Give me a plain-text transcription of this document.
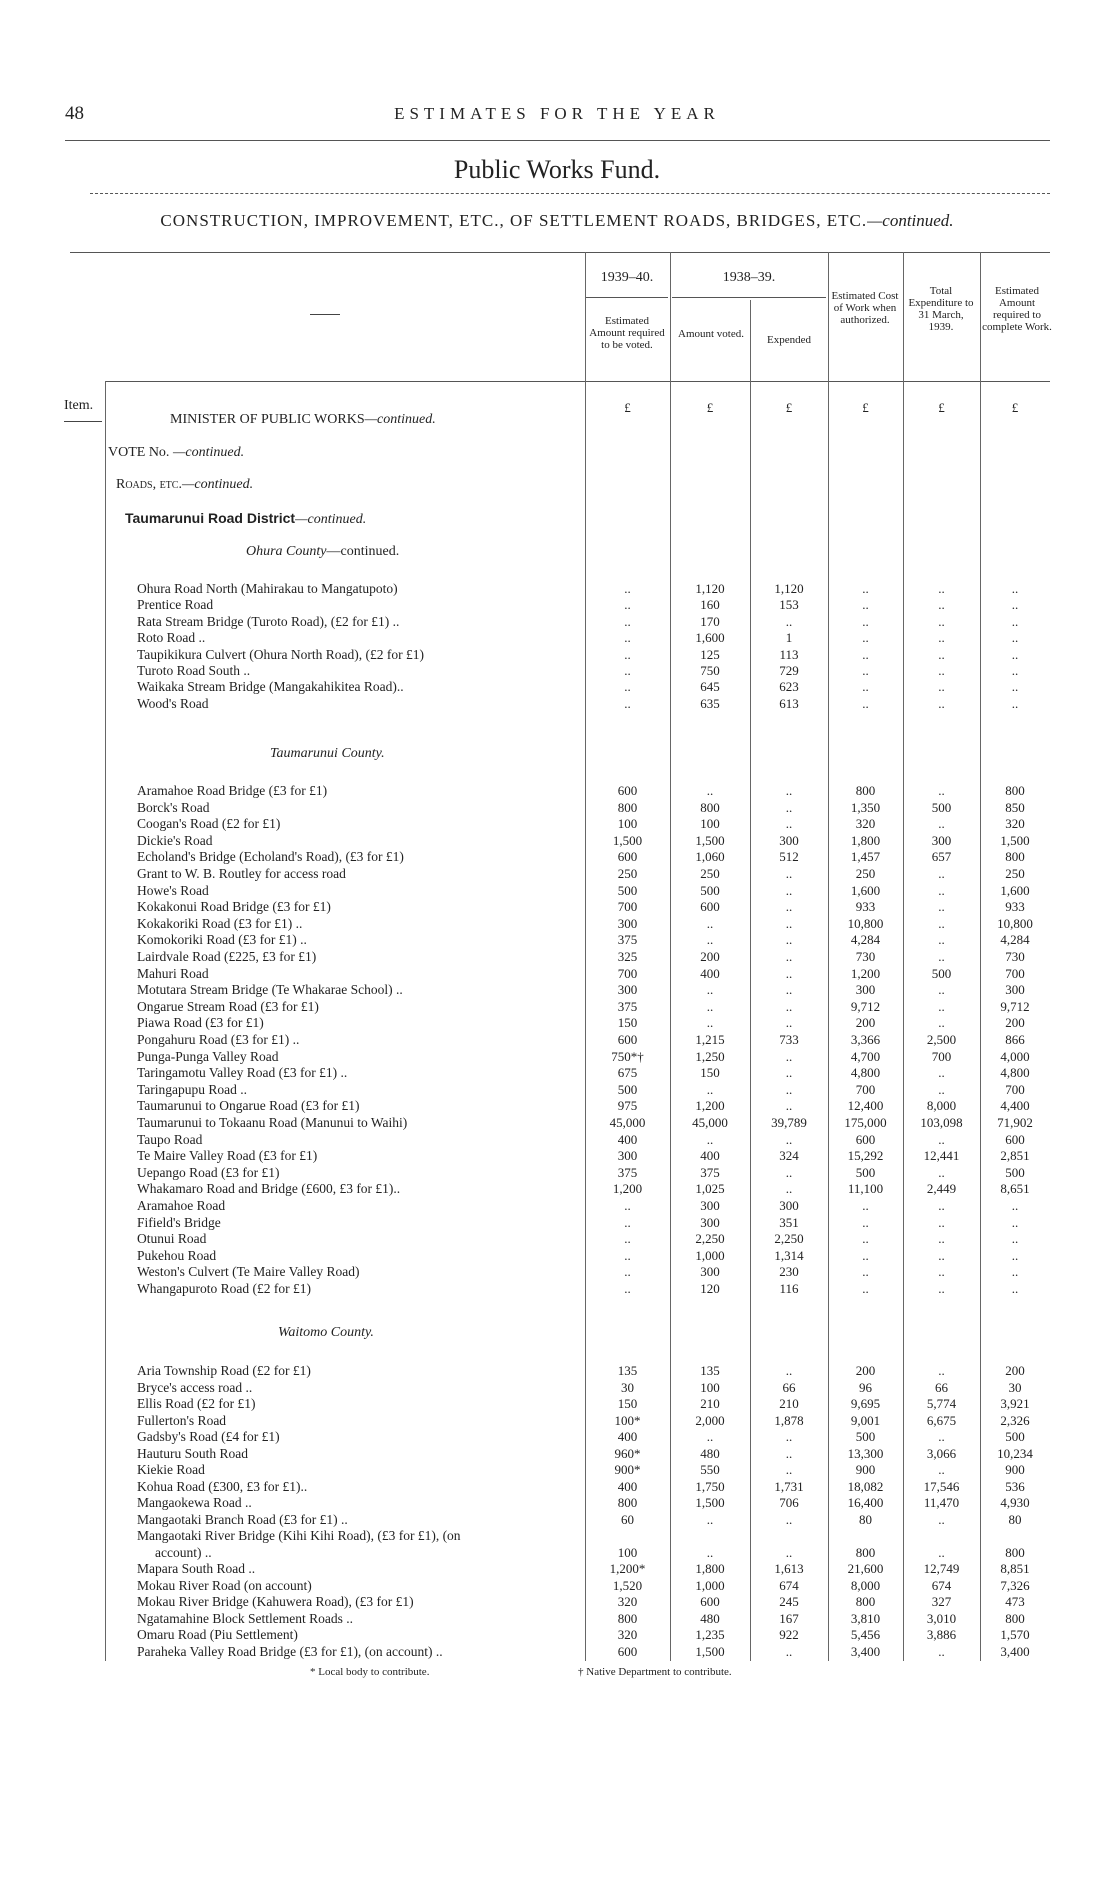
48	ESTIMATES FOR THE YEAR
Public Works Fund.
CONSTRUCTION, IMPROVEMENT, ETC., OF SETTLEMENT ROADS, BRIDGES, ETC.—continued.
1939–40.	1938–39.
Estimated Amount required to be voted.
Amount voted.	Expended
Estimated Cost of Work when authorized.
Total Expenditure to 31 March, 1939.
Estimated Amount required to complete Work.
Item.	£	£	£	£	£	£
MINISTER OF PUBLIC WORKS—continued.
VOTE No. —continued.
Roads, etc.—continued.
Taumarunui Road District—continued.
Ohura County—continued.
Taumarunui County.
Waitomo County.
Ohura Road North (Mahirakau to Mangatupoto)	..	1,120	1,120	..	..	..
Prentice Road	..	160	153	..	..	..
Rata Stream Bridge (Turoto Road), (£2 for £1) ..	..	170	..	..	..	..
Roto Road ..	..	1,600	1	..	..	..
Taupikikura Culvert (Ohura North Road), (£2 for £1)	..	125	113	..	..	..
Turoto Road South ..	..	750	729	..	..	..
Waikaka Stream Bridge (Mangakahikitea Road)..	..	645	623	..	..	..
Wood's Road	..	635	613	..	..	..
Aramahoe Road Bridge (£3 for £1)	600	..	..	800	..	800
Borck's Road	800	800	..	1,350	500	850
Coogan's Road (£2 for £1)	100	100	..	320	..	320
Dickie's Road	1,500	1,500	300	1,800	300	1,500
Echoland's Bridge (Echoland's Road), (£3 for £1)	600	1,060	512	1,457	657	800
Grant to W. B. Routley for access road	250	250	..	250	..	250
Howe's Road	500	500	..	1,600	..	1,600
Kokakonui Road Bridge (£3 for £1)	700	600	..	933	..	933
Kokakoriki Road (£3 for £1) ..	300	..	..	10,800	..	10,800
Komokoriki Road (£3 for £1) ..	375	..	..	4,284	..	4,284
Lairdvale Road (£225, £3 for £1)	325	200	..	730	..	730
Mahuri Road	700	400	..	1,200	500	700
Motutara Stream Bridge (Te Whakarae School) ..	300	..	..	300	..	300
Ongarue Stream Road (£3 for £1)	375	..	..	9,712	..	9,712
Piawa Road (£3 for £1)	150	..	..	200	..	200
Pongahuru Road (£3 for £1) ..	600	1,215	733	3,366	2,500	866
Punga-Punga Valley Road	750*†	1,250	..	4,700	700	4,000
Taringamotu Valley Road (£3 for £1) ..	675	150	..	4,800	..	4,800
Taringapupu Road ..	500	..	..	700	..	700
Taumarunui to Ongarue Road (£3 for £1)	975	1,200	..	12,400	8,000	4,400
Taumarunui to Tokaanu Road (Manunui to Waihi)	45,000	45,000	39,789	175,000	103,098	71,902
Taupo Road	400	..	..	600	..	600
Te Maire Valley Road (£3 for £1)	300	400	324	15,292	12,441	2,851
Uepango Road (£3 for £1)	375	375	..	500	..	500
Whakamaro Road and Bridge (£600, £3 for £1)..	1,200	1,025	..	11,100	2,449	8,651
Aramahoe Road	..	300	300	..	..	..
Fifield's Bridge	..	300	351	..	..	..
Otunui Road	..	2,250	2,250	..	..	..
Pukehou Road	..	1,000	1,314	..	..	..
Weston's Culvert (Te Maire Valley Road)	..	300	230	..	..	..
Whangapuroto Road (£2 for £1)	..	120	116	..	..	..
Aria Township Road (£2 for £1)	135	135	..	200	..	200
Bryce's access road ..	30	100	66	96	66	30
Ellis Road (£2 for £1)	150	210	210	9,695	5,774	3,921
Fullerton's Road	100*	2,000	1,878	9,001	6,675	2,326
Gadsby's Road (£4 for £1)	400	..	..	500	..	500
Hauturu South Road	960*	480	..	13,300	3,066	10,234
Kiekie Road	900*	550	..	900	..	900
Kohua Road (£300, £3 for £1)..	400	1,750	1,731	18,082	17,546	536
Mangaokewa Road ..	800	1,500	706	16,400	11,470	4,930
Mangaotaki Branch Road (£3 for £1) ..	60	..	..	80	..	80
Mangaotaki River Bridge (Kihi Kihi Road), (£3 for £1), (on
account) ..	100	..	..	800	..	800
Mapara South Road ..	1,200*	1,800	1,613	21,600	12,749	8,851
Mokau River Road (on account)	1,520	1,000	674	8,000	674	7,326
Mokau River Bridge (Kahuwera Road), (£3 for £1)	320	600	245	800	327	473
Ngatamahine Block Settlement Roads ..	800	480	167	3,810	3,010	800
Omaru Road (Piu Settlement)	320	1,235	922	5,456	3,886	1,570
Paraheka Valley Road Bridge (£3 for £1), (on account) ..	600	1,500	..	3,400	..	3,400
* Local body to contribute.	† Native Department to contribute.
